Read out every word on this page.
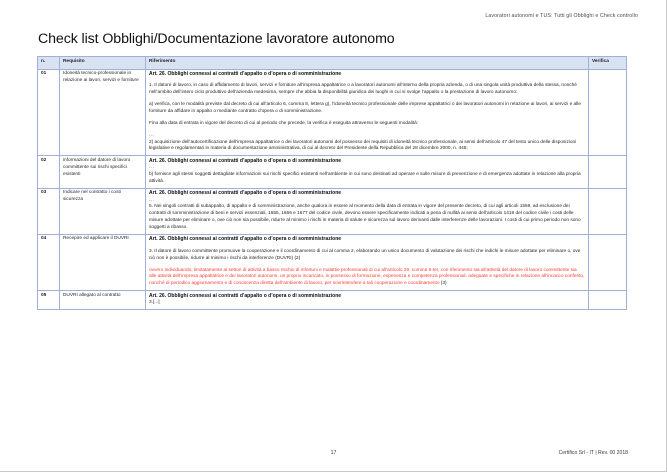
Lavoratori autonomi e TUS: Tutti gli Obblighi e Check controllo
Check list Obblighi/Documentazione lavoratore autonomo
n.	Requisito	Riferimento	Verifica
01	Idoneità tecnico-professionale in relazione ai lavori, servizi e forniture	
Art. 26. Obblighi connessi ai contratti d’appalto o d’opera o di somministrazione

1. Il datore di lavoro, in caso di affidamento di lavori, servizi e forniture all’impresa appaltatrice o a lavoratori autonomi all’interno della propria azienda, o di una singola unità produttiva della stessa, nonché nell’ambito dell’intero ciclo produttivo dell’azienda medesima, sempre che abbia la disponibilità giuridica dei luoghi in cui si svolge l’appalto o la prestazione di lavoro autonomo:

a) verifica, con le modalità previste dal decreto di cui all’articolo 6, comma 8, lettera g), l’idoneità tecnico professionale delle imprese appaltatrici o dei lavoratori autonomi in relazione ai lavori, ai servizi e alle forniture da affidare in appalto o mediante contratto d’opera o di somministrazione.

Fino alla data di entrata in vigore del decreto di cui al periodo che precede, la verifica è eseguita attraverso le seguenti modalità:

...

2) acquisizione dell’autocertificazione dell’impresa appaltatrice o dei lavoratori autonomi del possesso dei requisiti di idoneità tecnico professionale, ai sensi dell’articolo 47 del testo unico delle disposizioni legislative e regolamentari in materia di documentazione amministrativa, di cui al decreto del Presidente della Repubblica del 28 dicembre 2000, n. 445;

02	informazioni del datore di lavoro committente sui rischi specifici esistenti	Art. 26. Obblighi connessi ai contratti d’appalto o d’opera o di somministrazione

...

b) fornisce agli stessi soggetti dettagliate informazioni sui rischi specifici esistenti nell’ambiente in cui sono destinati ad operare e sulle misure di prevenzione e di emergenza adottate in relazione alla propria attività.	

03	Indicare nel contratto i costi sicurezza	Art. 26. Obblighi connessi ai contratti d’appalto o d’opera o di somministrazione

...

5. Nei singoli contratti di subappalto, di appalto e di somministrazione, anche qualora in essere al momento della data di entrata in vigore del presente decreto, di cui agli articoli 1559, ad esclusione dei contratti di somministrazione di beni e servizi essenziali, 1655, 1656 e 1677 del codice civile, devono essere specificamente indicati a pena di nullità ai sensi dell’articolo 1418 del codice civile i costi delle misure adottate per eliminare o, ove ciò non sia possibile, ridurre al minimo i rischi in materia di salute e sicurezza sul lavoro derivanti dalle interferenze delle lavorazioni. I costi di cui primo periodo non sono soggetti a ribasso.	

04	Recepire ed applicare il DUVRI	Art. 26. Obblighi connessi ai contratti d’appalto o d’opera o di somministrazione

3. Il datore di lavoro committente promuove la cooperazione e il coordinamento di cui al comma 2, elaborando un unico documento di valutazione dei rischi che indichi le misure adottate per eliminare o, ove ciò non è possibile, ridurre al minimo i rischi da interferenze (DUVRI) (2)

ovvero individuando, limitatamente ai settori di attività a basso rischio di infortuni e malattie professionali di cui all’articolo 29, comma 6-ter, con riferimento sia all’attività del datore di lavoro committente sia alle attività dell’impresa appaltatrice e dei lavoratori autonomi, un proprio incaricato, in possesso di formazione, esperienza e competenza professionali, adeguate e specifiche in relazione all’incarico conferito, nonché di periodico aggiornamento e di conoscenza diretta dell’ambiente di lavoro, per sovrintendere a tali cooperazione e coordinamento (3)	

05	DUVRI allegato al contratto	Art. 26. Obblighi connessi ai contratti d’appalto o d’opera o di somministrazione

3.[...]	

17	Certifico Srl - IT | Rev. 00 2018
